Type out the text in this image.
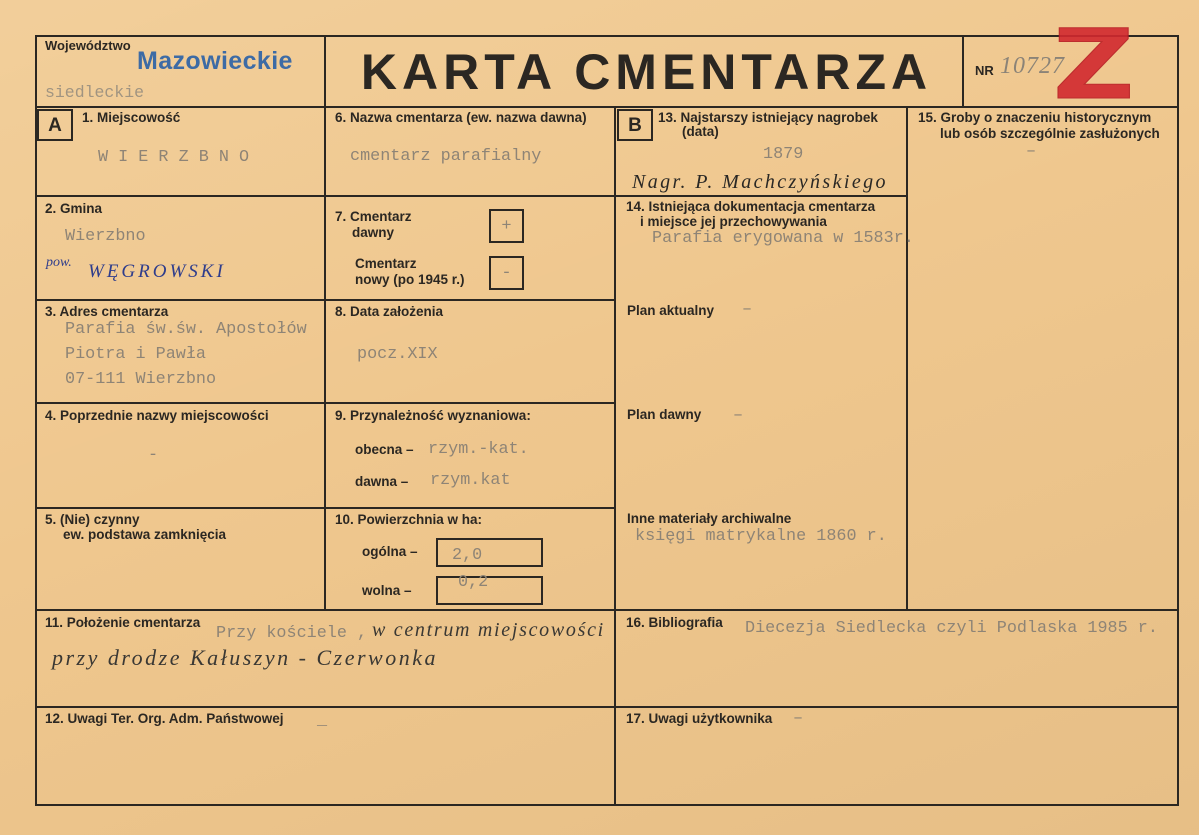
Województwo
Mazowieckie
siedleckie	KARTA CMENTARZA	NR 10727
Z
A 1. Miejscowość
W I E R Z B N O
2. Gmina
Wierzbno
pow. WĘGROWSKI
3. Adres cmentarza
Parafia św.św. Apostołów
Piotra i Pawła
07-111 Wierzbno
4. Poprzednie nazwy miejscowości
-
5. (Nie) czynny
ew. podstawa zamknięcia
6. Nazwa cmentarza (ew. nazwa dawna)
cmentarz parafialny
7. Cmentarz
dawny	+
Cmentarz
nowy (po 1945 r.) -
8. Data założenia
pocz.XIX
9. Przynależność wyznaniowa:
obecna – rzym.-kat.
dawna – rzym.kat
10. Powierzchnia w ha:
ogólna – 2,0
wolna –	0,2
B 13. Najstarszy istniejący nagrobek
(data)
1879
Nagr. P. Machczyńskiego
14. Istniejąca dokumentacja cmentarza
i miejsce jej przechowywania
Parafia erygowana w 1583r.
Plan aktualny –
Plan dawny –
Inne materiały archiwalne
księgi matrykalne 1860 r.
15. Groby o znaczeniu historycznym
lub osób szczególnie zasłużonych
–
11. Położenie cmentarza
Przy kościele , w centrum miejscowości
przy drodze Kałuszyn - Czerwonka
16. Bibliografia Diecezja Siedlecka czyli Podlaska 1985 r.
12. Uwagi Ter. Org. Adm. Państwowej _	17. Uwagi użytkownika –
